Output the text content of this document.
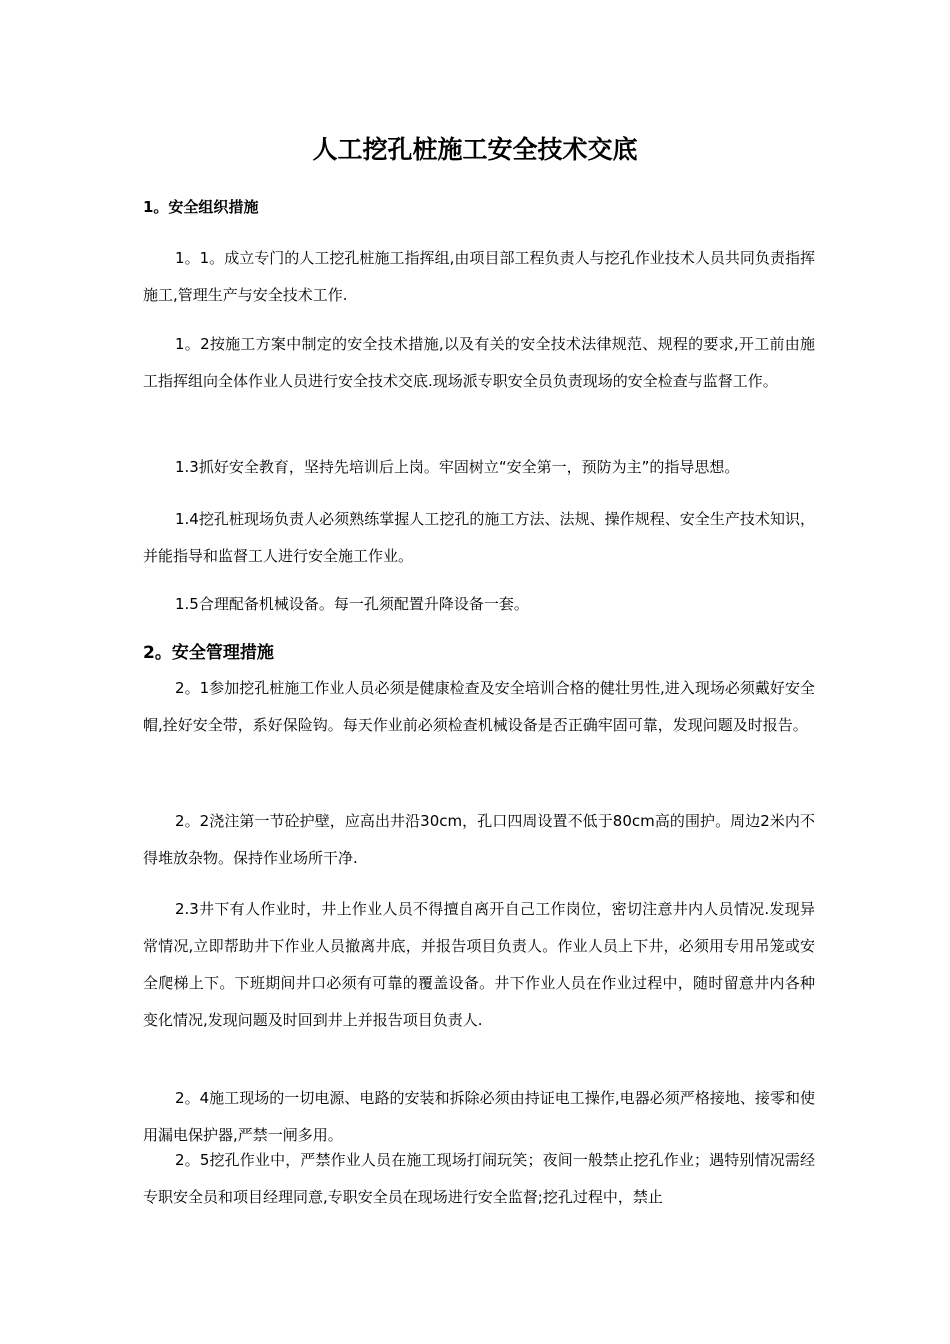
人工挖孔桩施工安全技术交底
1。安全组织措施

1。1。成立专门的人工挖孔桩施工指挥组,由项目部工程负责人与挖孔作业技术人员共同负责指挥施工,管理生产与安全技术工作.

1。2按施工方案中制定的安全技术措施,以及有关的安全技术法律规范、规程的要求,开工前由施工指挥组向全体作业人员进行安全技术交底.现场派专职安全员负责现场的安全检查与监督工作。

1.3抓好安全教育，坚持先培训后上岗。牢固树立“安全第一，预防为主”的指导思想。

1.4挖孔桩现场负责人必须熟练掌握人工挖孔的施工方法、法规、操作规程、安全生产技术知识，并能指导和监督工人进行安全施工作业。

1.5合理配备机械设备。每一孔须配置升降设备一套。

2。安全管理措施

2。1参加挖孔桩施工作业人员必须是健康检查及安全培训合格的健壮男性,进入现场必须戴好安全帽,拴好安全带，系好保险钩。每天作业前必须检查机械设备是否正确牢固可靠，发现问题及时报告。

2。2浇注第一节砼护壁，应高出井沿30cm，孔口四周设置不低于80cm高的围护。周边2米内不得堆放杂物。保持作业场所干净.

2.3井下有人作业时，井上作业人员不得擅自离开自己工作岗位，密切注意井内人员情况.发现异常情况,立即帮助井下作业人员撤离井底，并报告项目负责人。作业人员上下井，必须用专用吊笼或安全爬梯上下。下班期间井口必须有可靠的覆盖设备。井下作业人员在作业过程中，随时留意井内各种变化情况,发现问题及时回到井上并报告项目负责人.

2。4施工现场的一切电源、电路的安装和拆除必须由持证电工操作,电器必须严格接地、接零和使用漏电保护器,严禁一闸多用。

2。5挖孔作业中，严禁作业人员在施工现场打闹玩笑；夜间一般禁止挖孔作业；遇特别情况需经专职安全员和项目经理同意,专职安全员在现场进行安全监督;挖孔过程中，禁止
